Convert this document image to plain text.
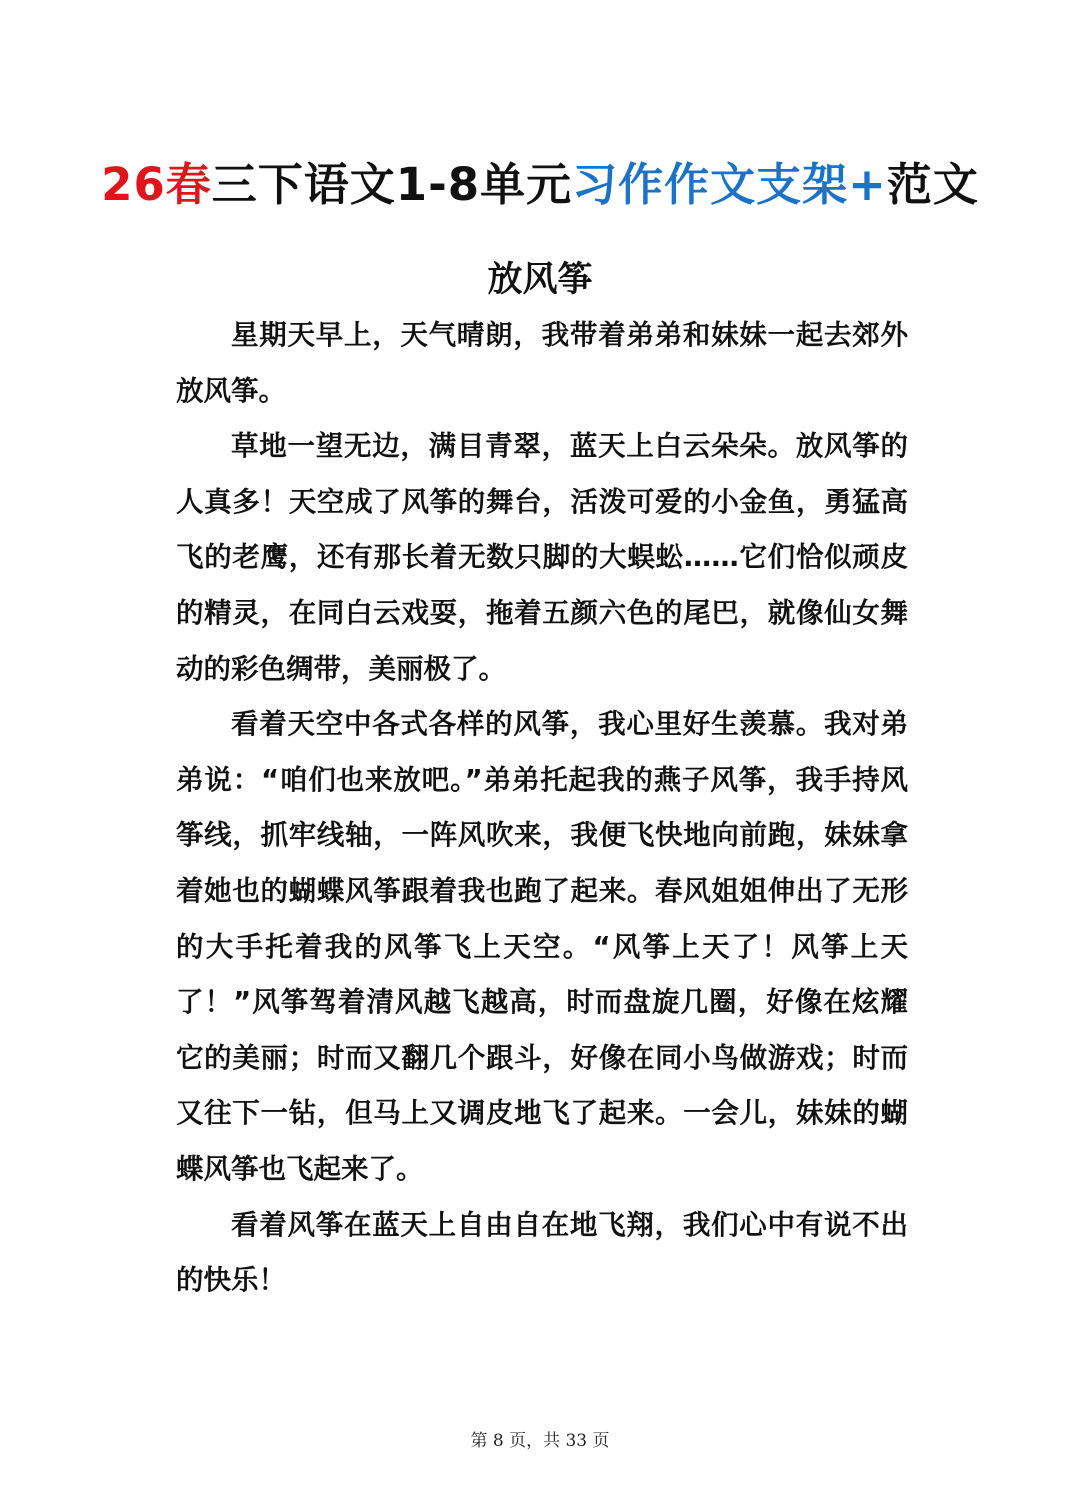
26春三下语文1-8单元习作作文支架+范文
放风筝

星期天早上，天气晴朗，我带着弟弟和妹妹一起去郊外放风筝。

草地一望无边，满目青翠，蓝天上白云朵朵。放风筝的人真多！天空成了风筝的舞台，活泼可爱的小金鱼，勇猛高飞的老鹰，还有那长着无数只脚的大蜈蚣……它们恰似顽皮的精灵，在同白云戏耍，拖着五颜六色的尾巴，就像仙女舞动的彩色绸带，美丽极了。

看着天空中各式各样的风筝，我心里好生羡慕。我对弟弟说：“咱们也来放吧。”弟弟托起我的燕子风筝，我手持风筝线，抓牢线轴，一阵风吹来，我便飞快地向前跑，妹妹拿着她也的蝴蝶风筝跟着我也跑了起来。春风姐姐伸出了无形的大手托着我的风筝飞上天空。“风筝上天了！风筝上天了！”风筝驾着清风越飞越高，时而盘旋几圈，好像在炫耀它的美丽；时而又翻几个跟斗，好像在同小鸟做游戏；时而又往下一钻，但马上又调皮地飞了起来。一会儿，妹妹的蝴蝶风筝也飞起来了。

看着风筝在蓝天上自由自在地飞翔，我们心中有说不出的快乐！

第 8 页，共 33 页
